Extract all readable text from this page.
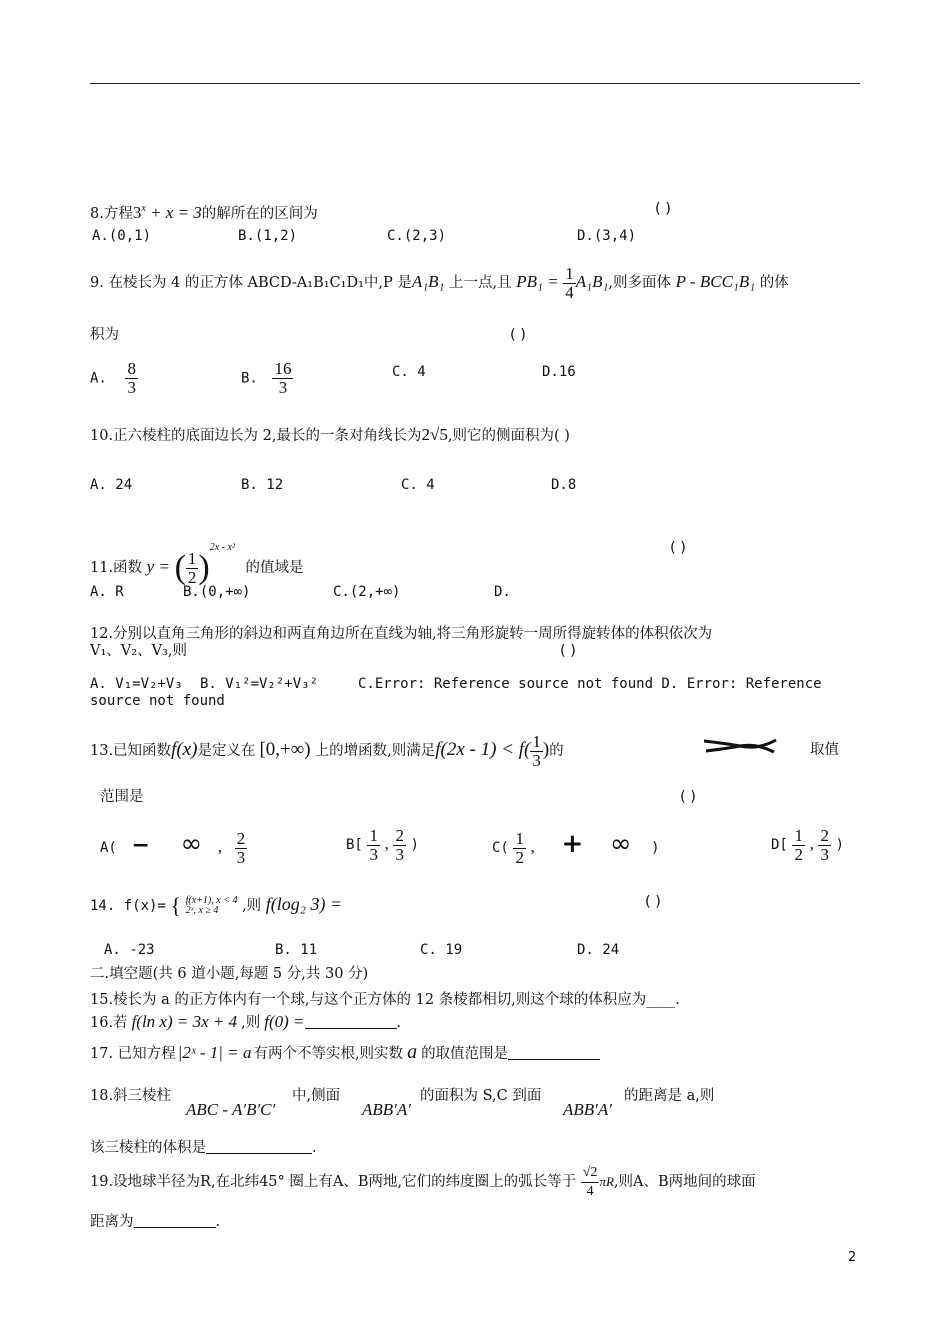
8.方程$3^x + x = 3$的解所在的区间为	( )
A.(0,1)	B.(1,2)	C.(2,3)	D.(3,4)
9. 在棱长为 4 的正方体 ABCD-A₁B₁C₁D₁中,P 是A₁B₁ 上一点,且 $PB_1 = \frac{1}{4} A_1B_1$,则多面体 P - BCC₁B₁ 的体
积为	( )
A. $\frac{8}{3}$	B. $\frac{16}{3}$	C. 4	D.16
10.正六棱柱的底面边长为 2,最长的一条对角线长为2√5,则它的侧面积为( )
A. 24	B. 12	C. 4	D.8
11.函数 y = ( $\frac{1}{2} )^{2x - x^2}$ 的值域是
( )
A. R	B.(0,+∞)	C.(2,+∞)	D.
12.分别以直角三角形的斜边和两直角边所在直线为轴,将三角形旋转一周所得旋转体的体积依次为
V₁、V₂、V₃,则	( )
A. V₁=V₂+V₃ B. V₁²=V₂²+V₃²	C.Error: Reference source not found D. Error: Reference
source not found
13.已知函数f(x)是定义在 [0,+∞) 上的增函数,则满足$f(2x - 1) < f( \frac{1}{3}$ )的	取值
范围是	( )
A( − ∞ , $\frac{2}{3}$	$B[ \frac{1}{3}$ , $\frac{2}{3}$ )	$C( \frac{1}{2}$ , + ∞ )	$D[ \frac{1}{2}$ , $\frac{2}{3}$ )
14. f(x)= { f(x+1), x < 4
2ˣ, x ≥ 4	,则 f(log₂ 3) =	( )
A. -23	B. 11	C. 19	D. 24
二.填空题(共 6 道小题,每题 5 分,共 30 分)
15.棱长为 a 的正方体内有一个球,与这个正方体的 12 条棱都相切,则这个球的体积应为____.
16.若 f(ln x) = 3x + 4 ,则 f(0) =	.
17. 已知方程 |2ˣ - 1| = a 有两个不等实根,则实数 a 的取值范围是
18.斜三棱柱
ABC - A′B′C′
中,侧面
ABB′A′
的面积为 S,C 到面
ABB′A′
的距离是 a,则
该三棱柱的体积是	.
19.设地球半径为R,在北纬45° 圈上有A、B两地,它们的纬度圈上的弧长等于 $\frac{√2}{4} \pi R$,则A、B两地间的球面
距离为	.
2
